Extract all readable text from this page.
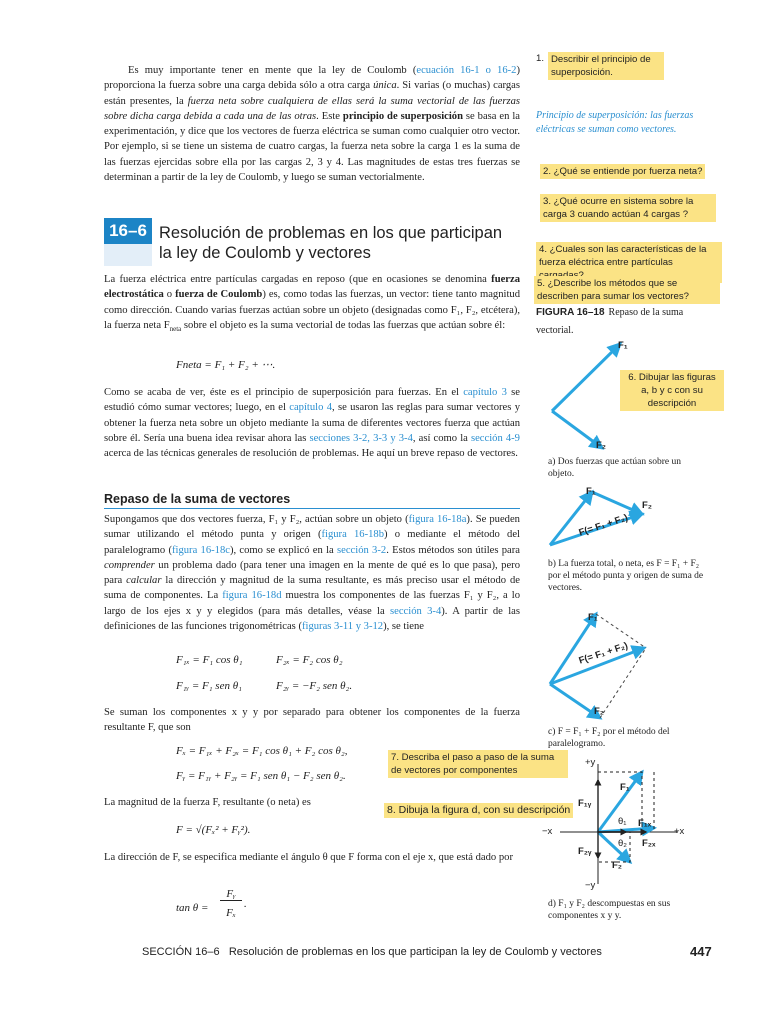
Es muy importante tener en mente que la ley de Coulomb (ecuación 16-1 o 16-2) proporciona la fuerza sobre una carga debida sólo a otra carga única. Si varias (o muchas) cargas están presentes, la fuerza neta sobre cualquiera de ellas será la suma vectorial de las fuerzas sobre dicha carga debida a cada una de las otras. Este principio de superposición se basa en la experimentación, y dice que los vectores de fuerza eléctrica se suman como cualquier otro vector. Por ejemplo, si se tiene un sistema de cuatro cargas, la fuerza neta sobre la carga 1 es la suma de las fuerzas ejercidas sobre ella por las cargas 2, 3 y 4. Las magnitudes de estas tres fuerzas se determinan a partir de la ley de Coulomb, y luego se suman vectorialmente.

16–6 Resolución de problemas en los que participan
la ley de Coulomb y vectores

La fuerza eléctrica entre partículas cargadas en reposo (que en ocasiones se denomina fuerza electrostática o fuerza de Coulomb) es, como todas las fuerzas, un vector: tiene tanto magnitud como dirección. Cuando varias fuerzas actúan sobre un objeto (designadas como F₁, F₂, etcétera), la fuerza neta $F_{neta}$ sobre el objeto es la suma vectorial de todas las fuerzas que actúan sobre él:

Fneta = F₁ + F₂ + ⋯.

Como se acaba de ver, éste es el principio de superposición para fuerzas. En el capítulo 3 se estudió cómo sumar vectores; luego, en el capítulo 4, se usaron las reglas para sumar vectores y obtener la fuerza neta sobre un objeto mediante la suma de diferentes vectores fuerza que actúan sobre él. Sería una buena idea revisar ahora las secciones 3-2, 3-3 y 3-4, así como la sección 4-9 acerca de las técnicas generales de resolución de problemas. He aquí un breve repaso de vectores.

Repaso de la suma de vectores

Supongamos que dos vectores fuerza, F₁ y F₂, actúan sobre un objeto (figura 16-18a). Se pueden sumar utilizando el método punta y origen (figura 16-18b) o mediante el método del paralelogramo (figura 16-18c), como se explicó en la sección 3-2. Estos métodos son útiles para comprender un problema dado (para tener una imagen en la mente de qué es lo que pasa), pero para calcular la dirección y magnitud de la suma resultante, es más preciso usar el método de suma de componentes. La figura 16-18d muestra los componentes de las fuerzas F₁ y F₂, a lo largo de los ejes x y y elegidos (para más detalles, véase la sección 3-4). A partir de las definiciones de las funciones trigonométricas (figuras 3-11 y 3-12), se tiene

F₁ₓ = F₁ cos θ₁	F₂ₓ = F₂ cos θ₂
F₁ᵧ = F₁ sen θ₁	F₂ᵧ = −F₂ sen θ₂.

Se suman los componentes x y y por separado para obtener los componentes de la fuerza resultante F, que son

Fₓ = F₁ₓ + F₂ₓ = F₁ cos θ₁ + F₂ cos θ₂,
Fᵧ = F₁ᵧ + F₂ᵧ = F₁ sen θ₁ − F₂ sen θ₂.

La magnitud de la fuerza F, resultante (o neta) es

F = √(Fₓ² + Fᵧ²).

La dirección de F, se especifica mediante el ángulo θ que F forma con el eje x, que está dado por

tan θ =
Fᵧ
Fₓ
.
1. Describir el principio de superposición.
Principio de superposición: las fuerzas eléctricas se suman como vectores.
2. ¿Qué se entiende por fuerza neta?
3. ¿Qué ocurre en sistema sobre la carga 3 cuando actúan 4 cargas ?
4. ¿Cuales son las características de la fuerza eléctrica entre partículas
5. ¿Describe los métodos que se describen para sumar los vectores?
FIGURA 16–18 Repaso de la suma vectorial.
6. Dibujar las figuras a, b y c con su descripción
7. Describa el paso a paso de la suma de vectores por componentes
8. Dibuja la figura d, con su descripción
F₁
F₂
a) Dos fuerzas que actúan sobre un objeto.
F₁
F₂
F(= F₁ + F₂)
b) La fuerza total, o neta, es F = F₁ + F₂ por el método punta y origen de suma de vectores.
F₁
F(= F₁ + F₂)
F₂
c) F = F₁ + F₂ por el método del paralelogramo.
+y
−y
+x
−x
F₁
F₁ᵧ
F₁ₓ
F₂ᵧ
F₂ₓ
F₂
θ₁
θ₂
d) F₁ y F₂ descompuestas en sus componentes x y y.
SECCIÓN 16–6 Resolución de problemas en los que participan la ley de Coulomb y vectores	447
